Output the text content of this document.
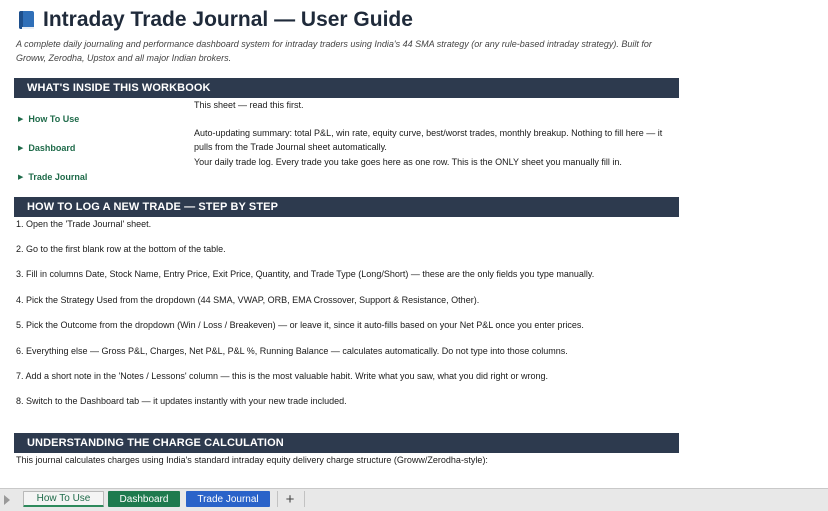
Intraday Trade Journal — User Guide
A complete daily journaling and performance dashboard system for intraday traders using India's 44 SMA strategy (or any rule-based intraday strategy). Built for Groww, Zerodha, Upstox and all major Indian brokers.
WHAT'S INSIDE THIS WORKBOOK
▶ How To Use
This sheet — read this first.
▶ Dashboard
Auto-updating summary: total P&L, win rate, equity curve, best/worst trades, monthly breakup. Nothing to fill here — it pulls from the Trade Journal sheet automatically.
▶ Trade Journal
Your daily trade log. Every trade you take goes here as one row. This is the ONLY sheet you manually fill in.
HOW TO LOG A NEW TRADE — STEP BY STEP
1. Open the 'Trade Journal' sheet.
2. Go to the first blank row at the bottom of the table.
3. Fill in columns Date, Stock Name, Entry Price, Exit Price, Quantity, and Trade Type (Long/Short) — these are the only fields you type manually.
4. Pick the Strategy Used from the dropdown (44 SMA, VWAP, ORB, EMA Crossover, Support & Resistance, Other).
5. Pick the Outcome from the dropdown (Win / Loss / Breakeven) — or leave it, since it auto-fills based on your Net P&L once you enter prices.
6. Everything else — Gross P&L, Charges, Net P&L, P&L %, Running Balance — calculates automatically. Do not type into those columns.
7. Add a short note in the 'Notes / Lessons' column — this is the most valuable habit. Write what you saw, what you did right or wrong.
8. Switch to the Dashboard tab — it updates instantly with your new trade included.
UNDERSTANDING THE CHARGE CALCULATION
This journal calculates charges using India's standard intraday equity delivery charge structure (Groww/Zerodha-style):
How To Use	Dashboard	Trade Journal	+
